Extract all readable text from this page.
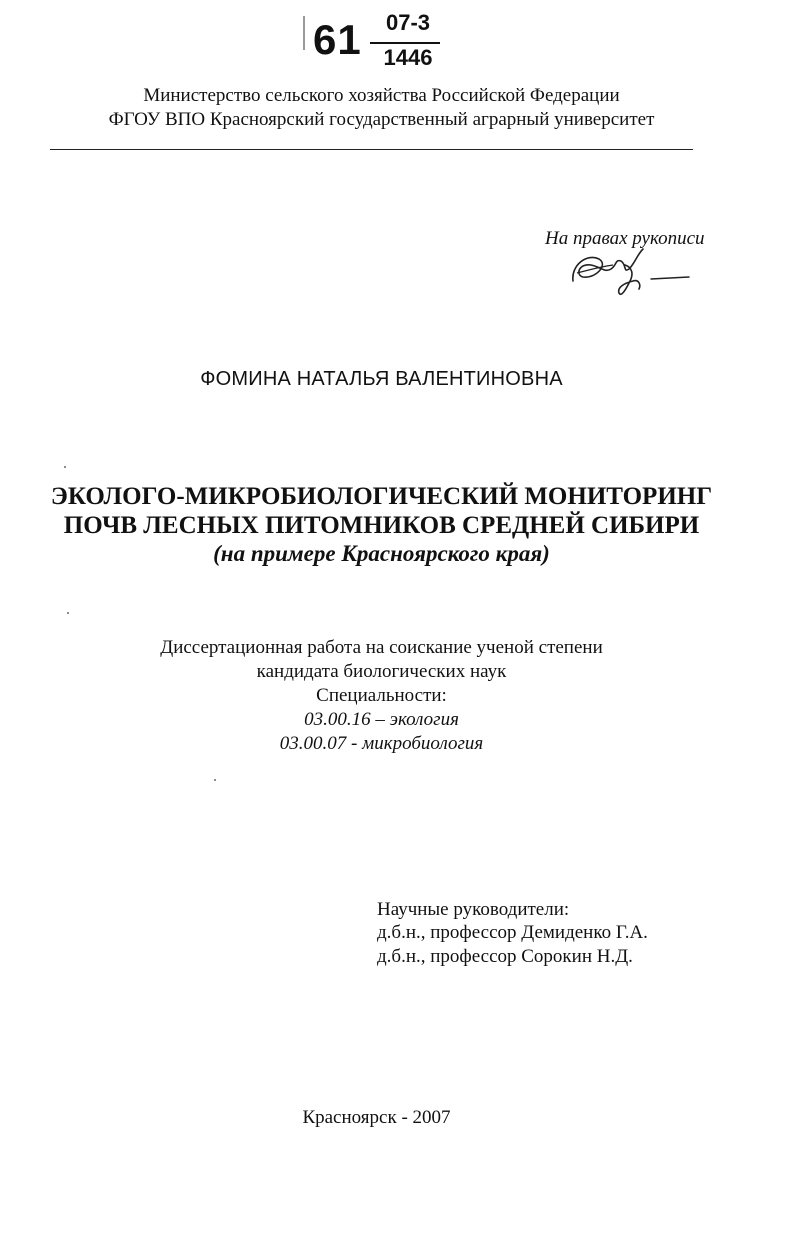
61	07-3
1446
Министерство сельского хозяйства Российской Федерации
ФГОУ ВПО Красноярский государственный аграрный университет
На правах рукописи
ФОМИНА НАТАЛЬЯ ВАЛЕНТИНОВНА
ЭКОЛОГО-МИКРОБИОЛОГИЧЕСКИЙ МОНИТОРИНГ
ПОЧВ ЛЕСНЫХ ПИТОМНИКОВ СРЕДНЕЙ СИБИРИ
(на примере Красноярского края)
Диссертационная работа на соискание ученой степени
кандидата биологических наук
Специальности:
03.00.16 – экология
03.00.07 - микробиология
Научные руководители:
д.б.н., профессор Демиденко Г.А.
д.б.н., профессор Сорокин Н.Д.
Красноярск - 2007
